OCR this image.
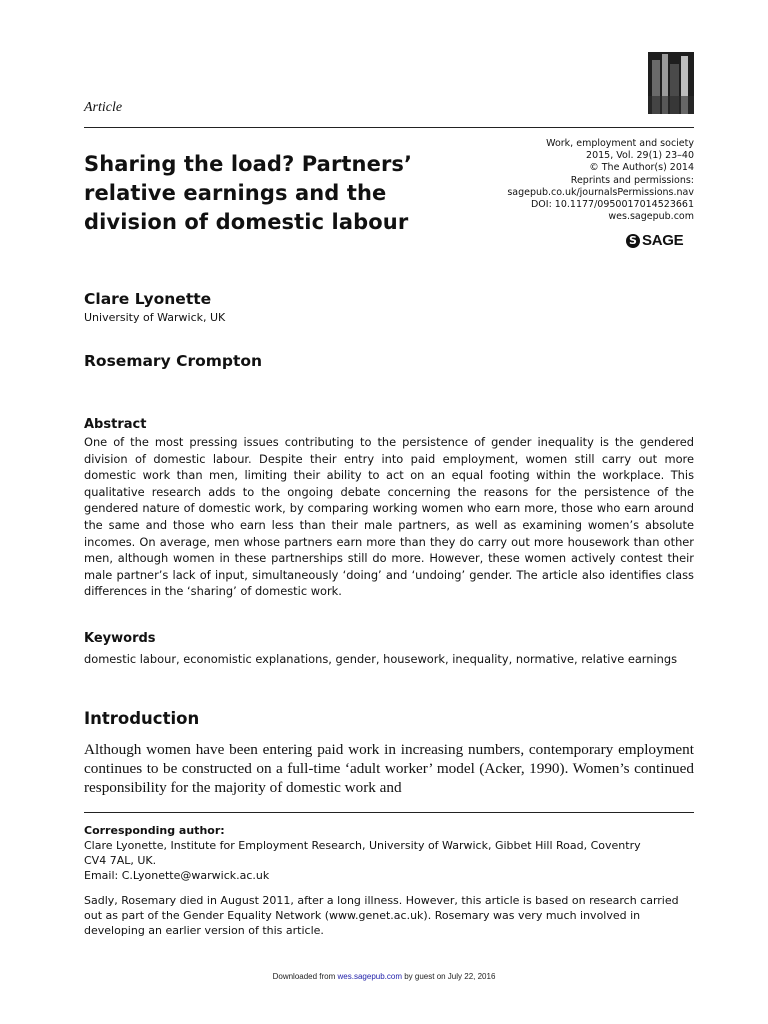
Article
Sharing the load? Partners’
relative earnings and the
division of domestic labour
Work, employment and society
2015, Vol. 29(1) 23–40
© The Author(s) 2014
Reprints and permissions:
sagepub.co.uk/journalsPermissions.nav
DOI: 10.1177/0950017014523661
wes.sagepub.com
S SAGE
Clare Lyonette
University of Warwick, UK
Rosemary Crompton
Abstract
One of the most pressing issues contributing to the persistence of gender inequality is the gendered division of domestic labour. Despite their entry into paid employment, women still carry out more domestic work than men, limiting their ability to act on an equal footing within the workplace. This qualitative research adds to the ongoing debate concerning the reasons for the persistence of the gendered nature of domestic work, by comparing working women who earn more, those who earn around the same and those who earn less than their male partners, as well as examining women’s absolute incomes. On average, men whose partners earn more than they do carry out more housework than other men, although women in these partnerships still do more. However, these women actively contest their male partner’s lack of input, simultaneously ‘doing’ and ‘undoing’ gender. The article also identifies class differences in the ‘sharing’ of domestic work.
Keywords
domestic labour, economistic explanations, gender, housework, inequality, normative, relative earnings
Introduction
Although women have been entering paid work in increasing numbers, contemporary employment continues to be constructed on a full-time ‘adult worker’ model (Acker, 1990). Women’s continued responsibility for the majority of domestic work and
Corresponding author:
Clare Lyonette, Institute for Employment Research, University of Warwick, Gibbet Hill Road, Coventry
CV4 7AL, UK.
Email: C.Lyonette@warwick.ac.uk
Sadly, Rosemary died in August 2011, after a long illness. However, this article is based on research carried out as part of the Gender Equality Network (www.genet.ac.uk). Rosemary was very much involved in developing an earlier version of this article.
Downloaded from wes.sagepub.com by guest on July 22, 2016
